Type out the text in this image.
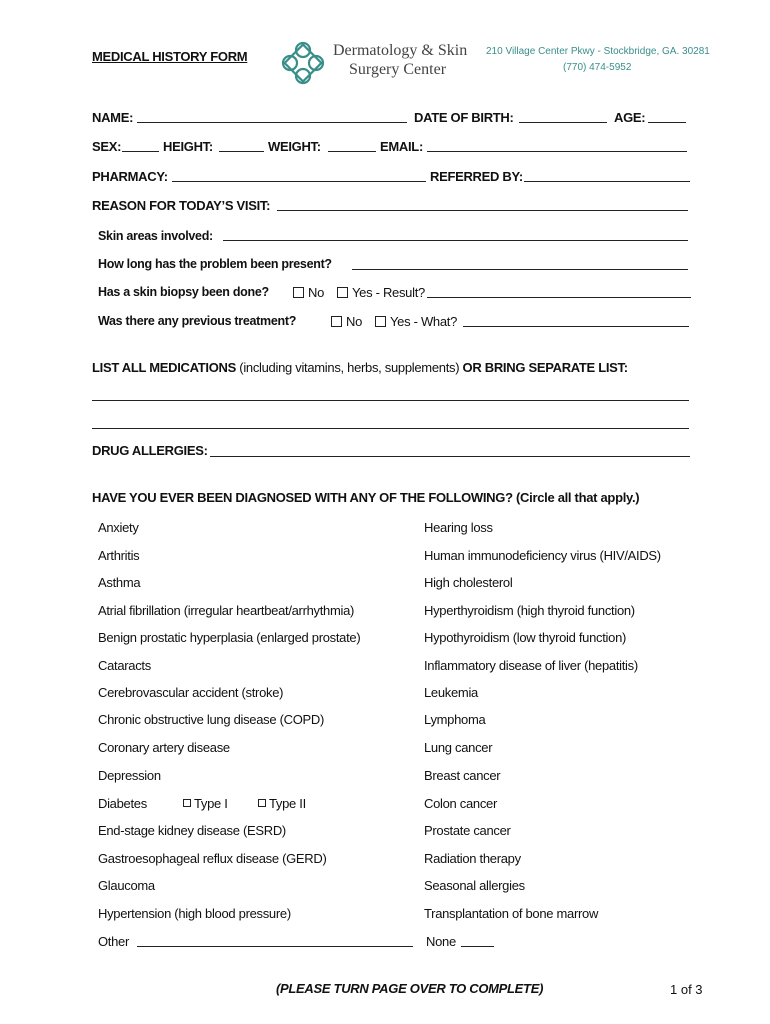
MEDICAL HISTORY FORM	Dermatology & Skin
Surgery Center
210 Village Center Pkwy - Stockbridge, GA. 30281
(770) 474-5952
NAME:	DATE OF BIRTH:	AGE:
SEX:	HEIGHT:	WEIGHT:	EMAIL:
PHARMACY:	REFERRED BY:
REASON FOR TODAY’S VISIT:
Skin areas involved:
How long has the problem been present?
Has a skin biopsy been done?	No	Yes - Result?
Was there any previous treatment?	No	Yes - What?
LIST ALL MEDICATIONS (including vitamins, herbs, supplements) OR BRING SEPARATE LIST:
DRUG ALLERGIES:
HAVE YOU EVER BEEN DIAGNOSED WITH ANY OF THE FOLLOWING? (Circle all that apply.)
Anxiety
Arthritis
Asthma
Atrial fibrillation (irregular heartbeat/arrhythmia)
Benign prostatic hyperplasia (enlarged prostate)
Cataracts
Cerebrovascular accident (stroke)
Chronic obstructive lung disease (COPD)
Coronary artery disease
Depression
Diabetes	Type I	Type II
End-stage kidney disease (ESRD)
Gastroesophageal reflux disease (GERD)
Glaucoma
Hypertension (high blood pressure)
Other
Hearing loss
Human immunodeficiency virus (HIV/AIDS)
High cholesterol
Hyperthyroidism (high thyroid function)
Hypothyroidism (low thyroid function)
Inflammatory disease of liver (hepatitis)
Leukemia
Lymphoma
Lung cancer
Breast cancer
Colon cancer
Prostate cancer
Radiation therapy
Seasonal allergies
Transplantation of bone marrow
None
(PLEASE TURN PAGE OVER TO COMPLETE)	1 of 3
